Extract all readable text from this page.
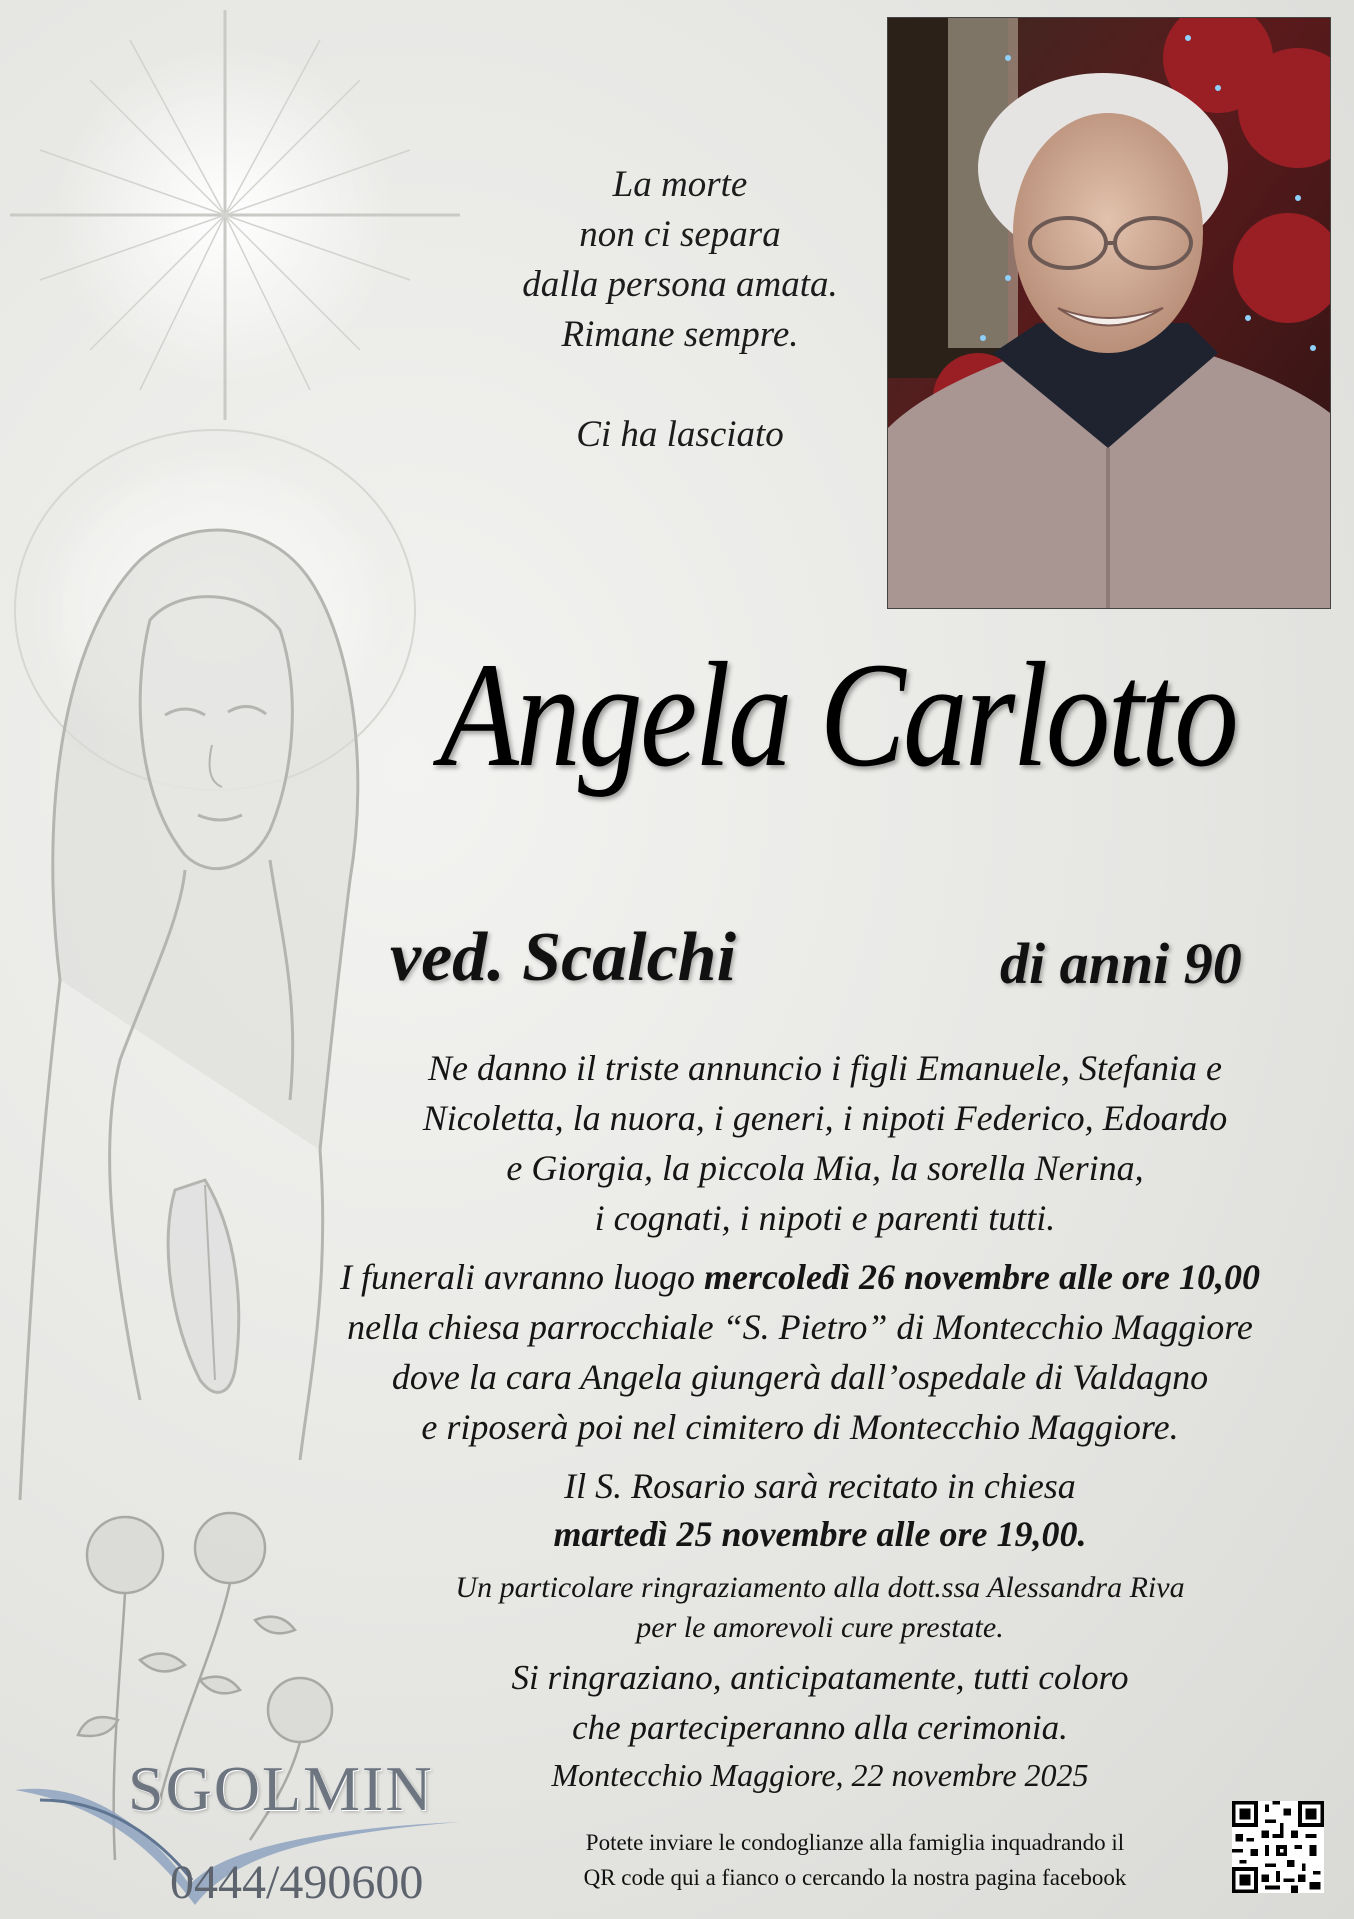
La morte
non ci separa
dalla persona amata.
Rimane sempre.
Ci ha lasciato
Angela Carlotto
ved. Scalchi	di anni 90
Ne danno il triste annuncio i figli Emanuele, Stefania e
Nicoletta, la nuora, i generi, i nipoti Federico, Edoardo
e Giorgia, la piccola Mia, la sorella Nerina,
i cognati, i nipoti e parenti tutti.
I funerali avranno luogo mercoledì 26 novembre alle ore 10,00
nella chiesa parrocchiale “S. Pietro” di Montecchio Maggiore
dove la cara Angela giungerà dall’ospedale di Valdagno
e riposerà poi nel cimitero di Montecchio Maggiore.
Il S. Rosario sarà recitato in chiesa
martedì 25 novembre alle ore 19,00.
Un particolare ringraziamento alla dott.ssa Alessandra Riva
per le amorevoli cure prestate.
Si ringraziano, anticipatamente, tutti coloro
che parteciperanno alla cerimonia.
Montecchio Maggiore, 22 novembre 2025
Potete inviare le condoglianze alla famiglia inquadrando il
QR code qui a fianco o cercando la nostra pagina facebook
SGOLMIN
0444/490600
